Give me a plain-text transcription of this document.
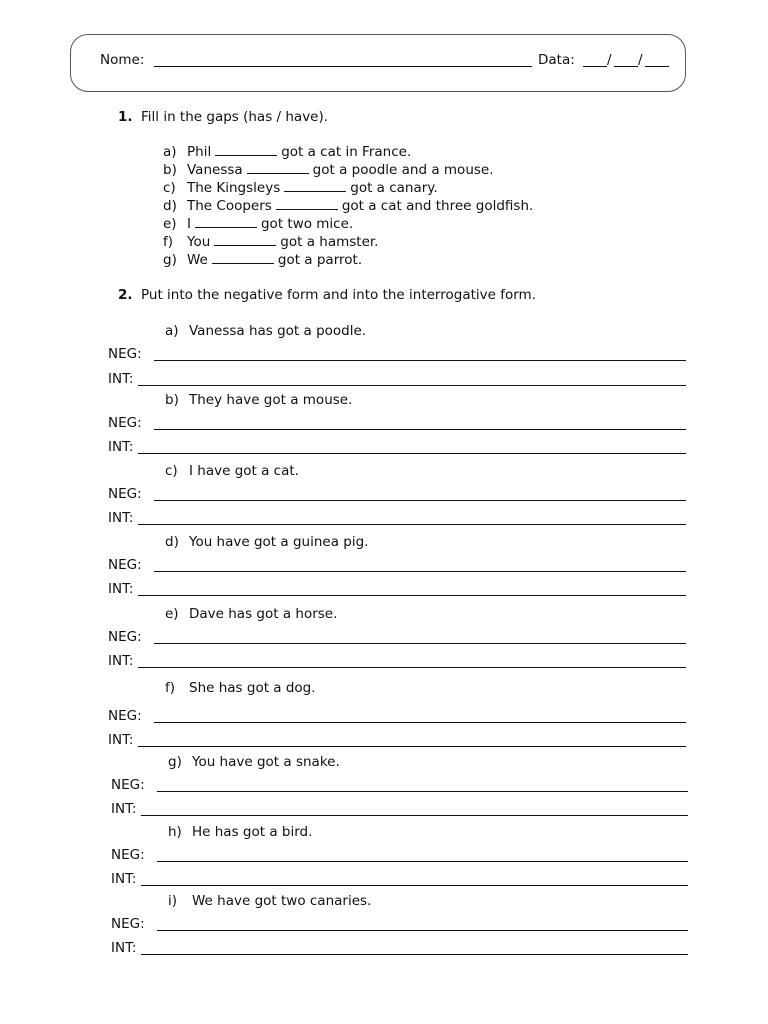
Nome:	Data: / /
1. Fill in the gaps (has / have).
a) Phil	got a cat in France.
b) Vanessa	got a poodle and a mouse.
c) The Kingsleys	got a canary.
d) The Coopers	got a cat and three goldfish.
e) I	got two mice.
f) You	got a hamster.
g) We	got a parrot.
2. Put into the negative form and into the interrogative form.
a) Vanessa has got a poodle.
NEG:
INT:
b) They have got a mouse.
NEG:
INT:
c) I have got a cat.
NEG:
INT:
d) You have got a guinea pig.
NEG:
INT:
e) Dave has got a horse.
NEG:
INT:
f) She has got a dog.
NEG:
INT:
g) You have got a snake.
NEG:
INT:
h) He has got a bird.
NEG:
INT:
i) We have got two canaries.
NEG:
INT:
